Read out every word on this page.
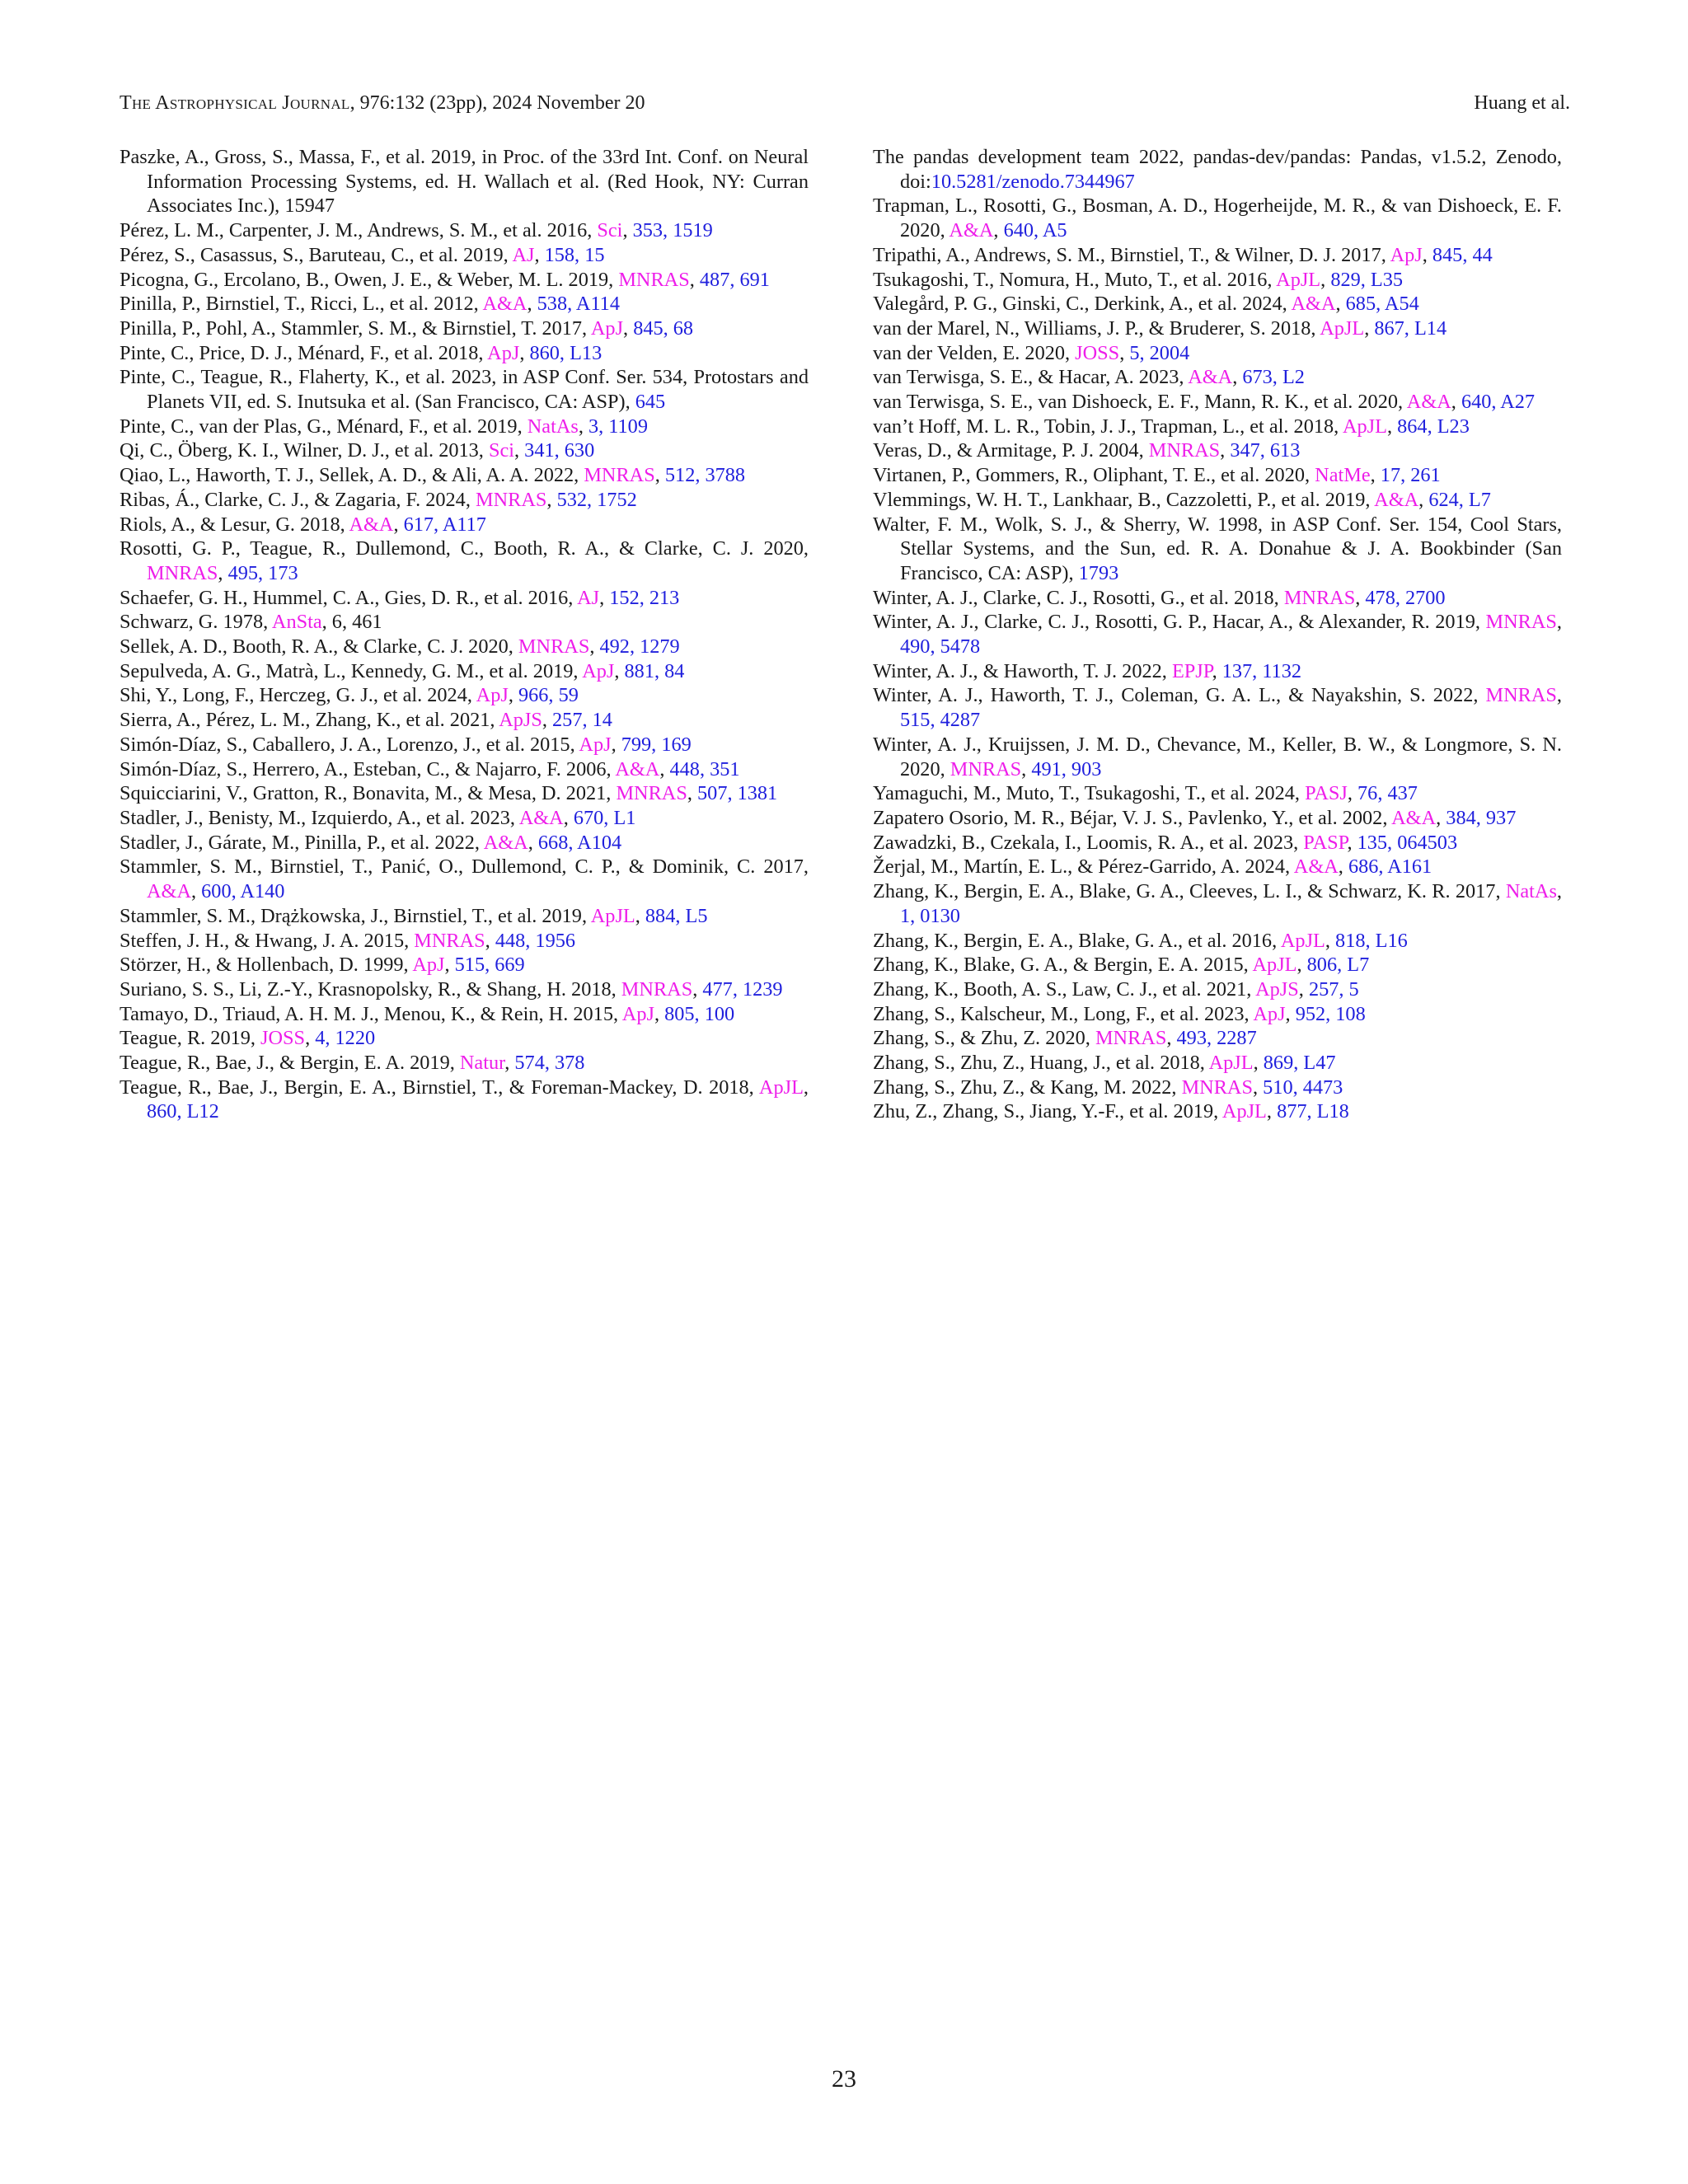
The Astrophysical Journal, 976:132 (23pp), 2024 November 20	Huang et al.

Paszke, A., Gross, S., Massa, F., et al. 2019, in Proc. of the 33rd Int. Conf. on Neural Information Processing Systems, ed. H. Wallach et al. (Red Hook, NY: Curran Associates Inc.), 15947

Pérez, L. M., Carpenter, J. M., Andrews, S. M., et al. 2016, Sci, 353, 1519

Pérez, S., Casassus, S., Baruteau, C., et al. 2019, AJ, 158, 15

Picogna, G., Ercolano, B., Owen, J. E., & Weber, M. L. 2019, MNRAS, 487, 691

Pinilla, P., Birnstiel, T., Ricci, L., et al. 2012, A&A, 538, A114

Pinilla, P., Pohl, A., Stammler, S. M., & Birnstiel, T. 2017, ApJ, 845, 68

Pinte, C., Price, D. J., Ménard, F., et al. 2018, ApJ, 860, L13

Pinte, C., Teague, R., Flaherty, K., et al. 2023, in ASP Conf. Ser. 534, Protostars and Planets VII, ed. S. Inutsuka et al. (San Francisco, CA: ASP), 645

Pinte, C., van der Plas, G., Ménard, F., et al. 2019, NatAs, 3, 1109

Qi, C., Öberg, K. I., Wilner, D. J., et al. 2013, Sci, 341, 630

Qiao, L., Haworth, T. J., Sellek, A. D., & Ali, A. A. 2022, MNRAS, 512, 3788

Ribas, Á., Clarke, C. J., & Zagaria, F. 2024, MNRAS, 532, 1752

Riols, A., & Lesur, G. 2018, A&A, 617, A117

Rosotti, G. P., Teague, R., Dullemond, C., Booth, R. A., & Clarke, C. J. 2020, MNRAS, 495, 173

Schaefer, G. H., Hummel, C. A., Gies, D. R., et al. 2016, AJ, 152, 213

Schwarz, G. 1978, AnSta, 6, 461

Sellek, A. D., Booth, R. A., & Clarke, C. J. 2020, MNRAS, 492, 1279

Sepulveda, A. G., Matrà, L., Kennedy, G. M., et al. 2019, ApJ, 881, 84

Shi, Y., Long, F., Herczeg, G. J., et al. 2024, ApJ, 966, 59

Sierra, A., Pérez, L. M., Zhang, K., et al. 2021, ApJS, 257, 14

Simón-Díaz, S., Caballero, J. A., Lorenzo, J., et al. 2015, ApJ, 799, 169

Simón-Díaz, S., Herrero, A., Esteban, C., & Najarro, F. 2006, A&A, 448, 351

Squicciarini, V., Gratton, R., Bonavita, M., & Mesa, D. 2021, MNRAS, 507, 1381

Stadler, J., Benisty, M., Izquierdo, A., et al. 2023, A&A, 670, L1

Stadler, J., Gárate, M., Pinilla, P., et al. 2022, A&A, 668, A104

Stammler, S. M., Birnstiel, T., Panić, O., Dullemond, C. P., & Dominik, C. 2017, A&A, 600, A140

Stammler, S. M., Drążkowska, J., Birnstiel, T., et al. 2019, ApJL, 884, L5

Steffen, J. H., & Hwang, J. A. 2015, MNRAS, 448, 1956

Störzer, H., & Hollenbach, D. 1999, ApJ, 515, 669

Suriano, S. S., Li, Z.-Y., Krasnopolsky, R., & Shang, H. 2018, MNRAS, 477, 1239

Tamayo, D., Triaud, A. H. M. J., Menou, K., & Rein, H. 2015, ApJ, 805, 100

Teague, R. 2019, JOSS, 4, 1220

Teague, R., Bae, J., & Bergin, E. A. 2019, Natur, 574, 378

Teague, R., Bae, J., Bergin, E. A., Birnstiel, T., & Foreman-Mackey, D. 2018, ApJL, 860, L12

The pandas development team 2022, pandas-dev/pandas: Pandas, v1.5.2, Zenodo, doi:10.5281/zenodo.7344967

Trapman, L., Rosotti, G., Bosman, A. D., Hogerheijde, M. R., & van Dishoeck, E. F. 2020, A&A, 640, A5

Tripathi, A., Andrews, S. M., Birnstiel, T., & Wilner, D. J. 2017, ApJ, 845, 44

Tsukagoshi, T., Nomura, H., Muto, T., et al. 2016, ApJL, 829, L35

Valegård, P. G., Ginski, C., Derkink, A., et al. 2024, A&A, 685, A54

van der Marel, N., Williams, J. P., & Bruderer, S. 2018, ApJL, 867, L14

van der Velden, E. 2020, JOSS, 5, 2004

van Terwisga, S. E., & Hacar, A. 2023, A&A, 673, L2

van Terwisga, S. E., van Dishoeck, E. F., Mann, R. K., et al. 2020, A&A, 640, A27

van’t Hoff, M. L. R., Tobin, J. J., Trapman, L., et al. 2018, ApJL, 864, L23

Veras, D., & Armitage, P. J. 2004, MNRAS, 347, 613

Virtanen, P., Gommers, R., Oliphant, T. E., et al. 2020, NatMe, 17, 261

Vlemmings, W. H. T., Lankhaar, B., Cazzoletti, P., et al. 2019, A&A, 624, L7

Walter, F. M., Wolk, S. J., & Sherry, W. 1998, in ASP Conf. Ser. 154, Cool Stars, Stellar Systems, and the Sun, ed. R. A. Donahue & J. A. Bookbinder (San Francisco, CA: ASP), 1793

Winter, A. J., Clarke, C. J., Rosotti, G., et al. 2018, MNRAS, 478, 2700

Winter, A. J., Clarke, C. J., Rosotti, G. P., Hacar, A., & Alexander, R. 2019, MNRAS, 490, 5478

Winter, A. J., & Haworth, T. J. 2022, EPJP, 137, 1132

Winter, A. J., Haworth, T. J., Coleman, G. A. L., & Nayakshin, S. 2022, MNRAS, 515, 4287

Winter, A. J., Kruijssen, J. M. D., Chevance, M., Keller, B. W., & Longmore, S. N. 2020, MNRAS, 491, 903

Yamaguchi, M., Muto, T., Tsukagoshi, T., et al. 2024, PASJ, 76, 437

Zapatero Osorio, M. R., Béjar, V. J. S., Pavlenko, Y., et al. 2002, A&A, 384, 937

Zawadzki, B., Czekala, I., Loomis, R. A., et al. 2023, PASP, 135, 064503

Žerjal, M., Martín, E. L., & Pérez-Garrido, A. 2024, A&A, 686, A161

Zhang, K., Bergin, E. A., Blake, G. A., Cleeves, L. I., & Schwarz, K. R. 2017, NatAs, 1, 0130

Zhang, K., Bergin, E. A., Blake, G. A., et al. 2016, ApJL, 818, L16

Zhang, K., Blake, G. A., & Bergin, E. A. 2015, ApJL, 806, L7

Zhang, K., Booth, A. S., Law, C. J., et al. 2021, ApJS, 257, 5

Zhang, S., Kalscheur, M., Long, F., et al. 2023, ApJ, 952, 108

Zhang, S., & Zhu, Z. 2020, MNRAS, 493, 2287

Zhang, S., Zhu, Z., Huang, J., et al. 2018, ApJL, 869, L47

Zhang, S., Zhu, Z., & Kang, M. 2022, MNRAS, 510, 4473

Zhu, Z., Zhang, S., Jiang, Y.-F., et al. 2019, ApJL, 877, L18

23
